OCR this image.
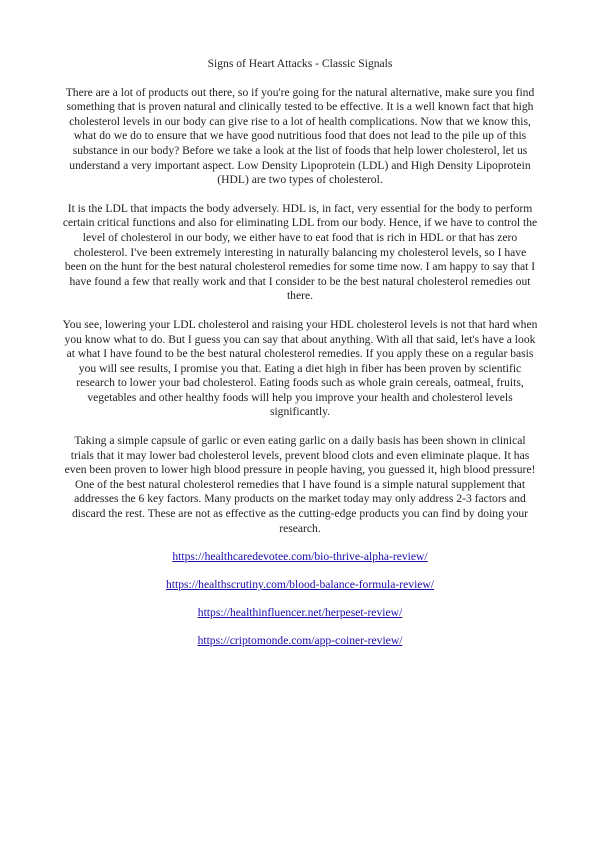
Signs of Heart Attacks - Classic Signals

There are a lot of products out there, so if you're going for the natural alternative, make sure you find something that is proven natural and clinically tested to be effective. It is a well known fact that high cholesterol levels in our body can give rise to a lot of health complications. Now that we know this, what do we do to ensure that we have good nutritious food that does not lead to the pile up of this substance in our body? Before we take a look at the list of foods that help lower cholesterol, let us understand a very important aspect. Low Density Lipoprotein (LDL) and High Density Lipoprotein (HDL) are two types of cholesterol.

It is the LDL that impacts the body adversely. HDL is, in fact, very essential for the body to perform certain critical functions and also for eliminating LDL from our body. Hence, if we have to control the level of cholesterol in our body, we either have to eat food that is rich in HDL or that has zero cholesterol. I've been extremely interesting in naturally balancing my cholesterol levels, so I have been on the hunt for the best natural cholesterol remedies for some time now. I am happy to say that I have found a few that really work and that I consider to be the best natural cholesterol remedies out there.

You see, lowering your LDL cholesterol and raising your HDL cholesterol levels is not that hard when you know what to do. But I guess you can say that about anything. With all that said, let's have a look at what I have found to be the best natural cholesterol remedies. If you apply these on a regular basis you will see results, I promise you that. Eating a diet high in fiber has been proven by scientific research to lower your bad cholesterol. Eating foods such as whole grain cereals, oatmeal, fruits, vegetables and other healthy foods will help you improve your health and cholesterol levels significantly.

Taking a simple capsule of garlic or even eating garlic on a daily basis has been shown in clinical trials that it may lower bad cholesterol levels, prevent blood clots and even eliminate plaque. It has even been proven to lower high blood pressure in people having, you guessed it, high blood pressure! One of the best natural cholesterol remedies that I have found is a simple natural supplement that addresses the 6 key factors. Many products on the market today may only address 2-3 factors and discard the rest. These are not as effective as the cutting-edge products you can find by doing your research.

https://healthcaredevotee.com/bio-thrive-alpha-review/
https://healthscrutiny.com/blood-balance-formula-review/
https://healthinfluencer.net/herpeset-review/
https://criptomonde.com/app-coiner-review/
